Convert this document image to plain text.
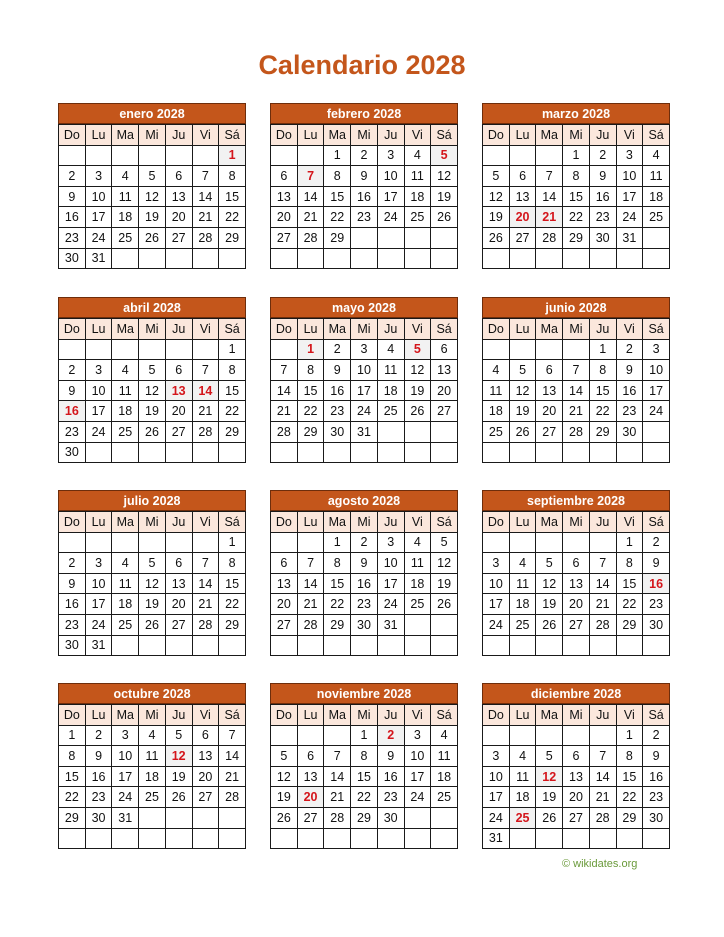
Calendario 2028
enero 2028
Do	Lu	Ma	Mi	Ju	Vi	Sá
						1
2	3	4	5	6	7	8
9	10	11	12	13	14	15
16	17	18	19	20	21	22
23	24	25	26	27	28	29
30	31					
febrero 2028
Do	Lu	Ma	Mi	Ju	Vi	Sá
		1	2	3	4	5
6	7	8	9	10	11	12
13	14	15	16	17	18	19
20	21	22	23	24	25	26
27	28	29				

marzo 2028
Do	Lu	Ma	Mi	Ju	Vi	Sá
			1	2	3	4
5	6	7	8	9	10	11
12	13	14	15	16	17	18
19	20	21	22	23	24	25
26	27	28	29	30	31	

abril 2028
Do	Lu	Ma	Mi	Ju	Vi	Sá
						1
2	3	4	5	6	7	8
9	10	11	12	13	14	15
16	17	18	19	20	21	22
23	24	25	26	27	28	29
30						
mayo 2028
Do	Lu	Ma	Mi	Ju	Vi	Sá
	1	2	3	4	5	6
7	8	9	10	11	12	13
14	15	16	17	18	19	20
21	22	23	24	25	26	27
28	29	30	31			

junio 2028
Do	Lu	Ma	Mi	Ju	Vi	Sá
				1	2	3
4	5	6	7	8	9	10
11	12	13	14	15	16	17
18	19	20	21	22	23	24
25	26	27	28	29	30	

julio 2028
Do	Lu	Ma	Mi	Ju	Vi	Sá
						1
2	3	4	5	6	7	8
9	10	11	12	13	14	15
16	17	18	19	20	21	22
23	24	25	26	27	28	29
30	31					
agosto 2028
Do	Lu	Ma	Mi	Ju	Vi	Sá
		1	2	3	4	5
6	7	8	9	10	11	12
13	14	15	16	17	18	19
20	21	22	23	24	25	26
27	28	29	30	31		

septiembre 2028
Do	Lu	Ma	Mi	Ju	Vi	Sá
					1	2
3	4	5	6	7	8	9
10	11	12	13	14	15	16
17	18	19	20	21	22	23
24	25	26	27	28	29	30

octubre 2028
Do	Lu	Ma	Mi	Ju	Vi	Sá
1	2	3	4	5	6	7
8	9	10	11	12	13	14
15	16	17	18	19	20	21
22	23	24	25	26	27	28
29	30	31				

noviembre 2028
Do	Lu	Ma	Mi	Ju	Vi	Sá
			1	2	3	4
5	6	7	8	9	10	11
12	13	14	15	16	17	18
19	20	21	22	23	24	25
26	27	28	29	30		

diciembre 2028
Do	Lu	Ma	Mi	Ju	Vi	Sá
					1	2
3	4	5	6	7	8	9
10	11	12	13	14	15	16
17	18	19	20	21	22	23
24	25	26	27	28	29	30
31						
© wikidates.org
